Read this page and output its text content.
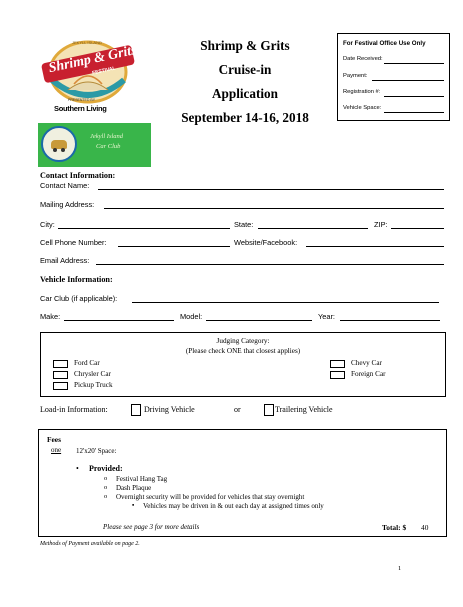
Shrimp & Grits
FESTIVAL
JEKYLL ISLAND
PRESENTED BY
Southern Living
Jekyll Island
Car Club
Shrimp & Grits
Cruise-in
Application
September 14-16, 2018
For Festival Office Use Only
Date Received:
Payment:
Registration #:
Vehicle Space:
Contact Information:
Contact Name:
Mailing Address:
City:	State:	ZIP:
Cell Phone Number:	Website/Facebook:
Email Address:
Vehicle Information:
Car Club (if applicable):
Make:	Model:	Year:
Judging Category:
(Please check ONE that closest applies)
Ford Car
Chrysler Car
Pickup Truck
Chevy Car
Foreign Car
Load-in Information:	Driving Vehicle	or	Trailering Vehicle
Fees
one 12'x20' Space:
• Provided:
o Festival Hang Tag
o Dash Plaque
o Overnight security will be provided for vehicles that stay overnight
▪ Vehicles may be driven in & out each day at assigned times only
Please see page 3 for more details	Total: $ 40
Methods of Payment available on page 2.
1
